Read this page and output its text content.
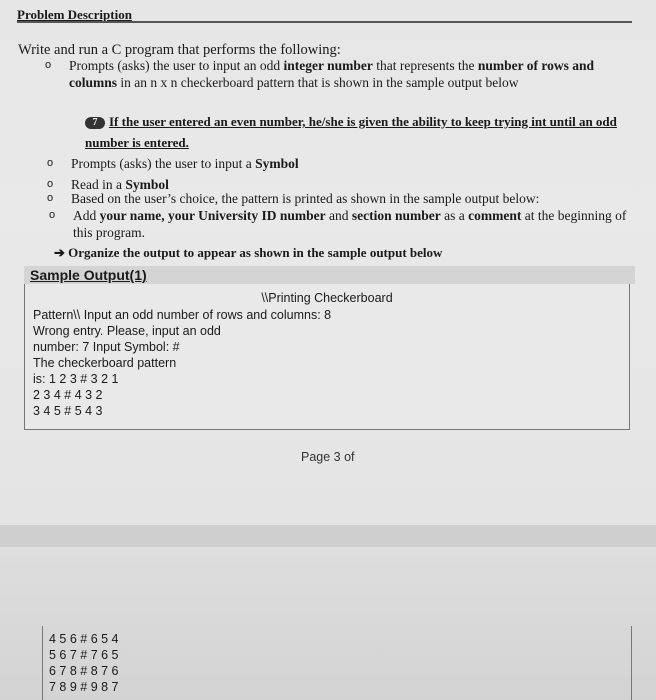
Problem Description
Write and run a C program that performs the following:
o Prompts (asks) the user to input an odd integer number that represents the number of rows and columns in an n x n checkerboard pattern that is shown in the sample output below
7 If the user entered an even number, he/she is given the ability to keep trying int until an odd number is entered.
o Prompts (asks) the user to input a Symbol
o Read in a Symbol
o Based on the user’s choice, the pattern is printed as shown in the sample output below:
o Add your name, your University ID number and section number as a comment at the beginning of this program.
➔ Organize the output to appear as shown in the sample output below
Sample Output(1)
\\Printing Checkerboard
Pattern\\ Input an odd number of rows and columns: 8
Wrong entry. Please, input an odd
number: 7 Input Symbol: #
The checkerboard pattern
is: 1 2 3 # 3 2 1
2 3 4 # 4 3 2
3 4 5 # 5 4 3
Page 3 of
4 5 6 # 6 5 4
5 6 7 # 7 6 5
6 7 8 # 8 7 6
7 8 9 # 9 8 7
